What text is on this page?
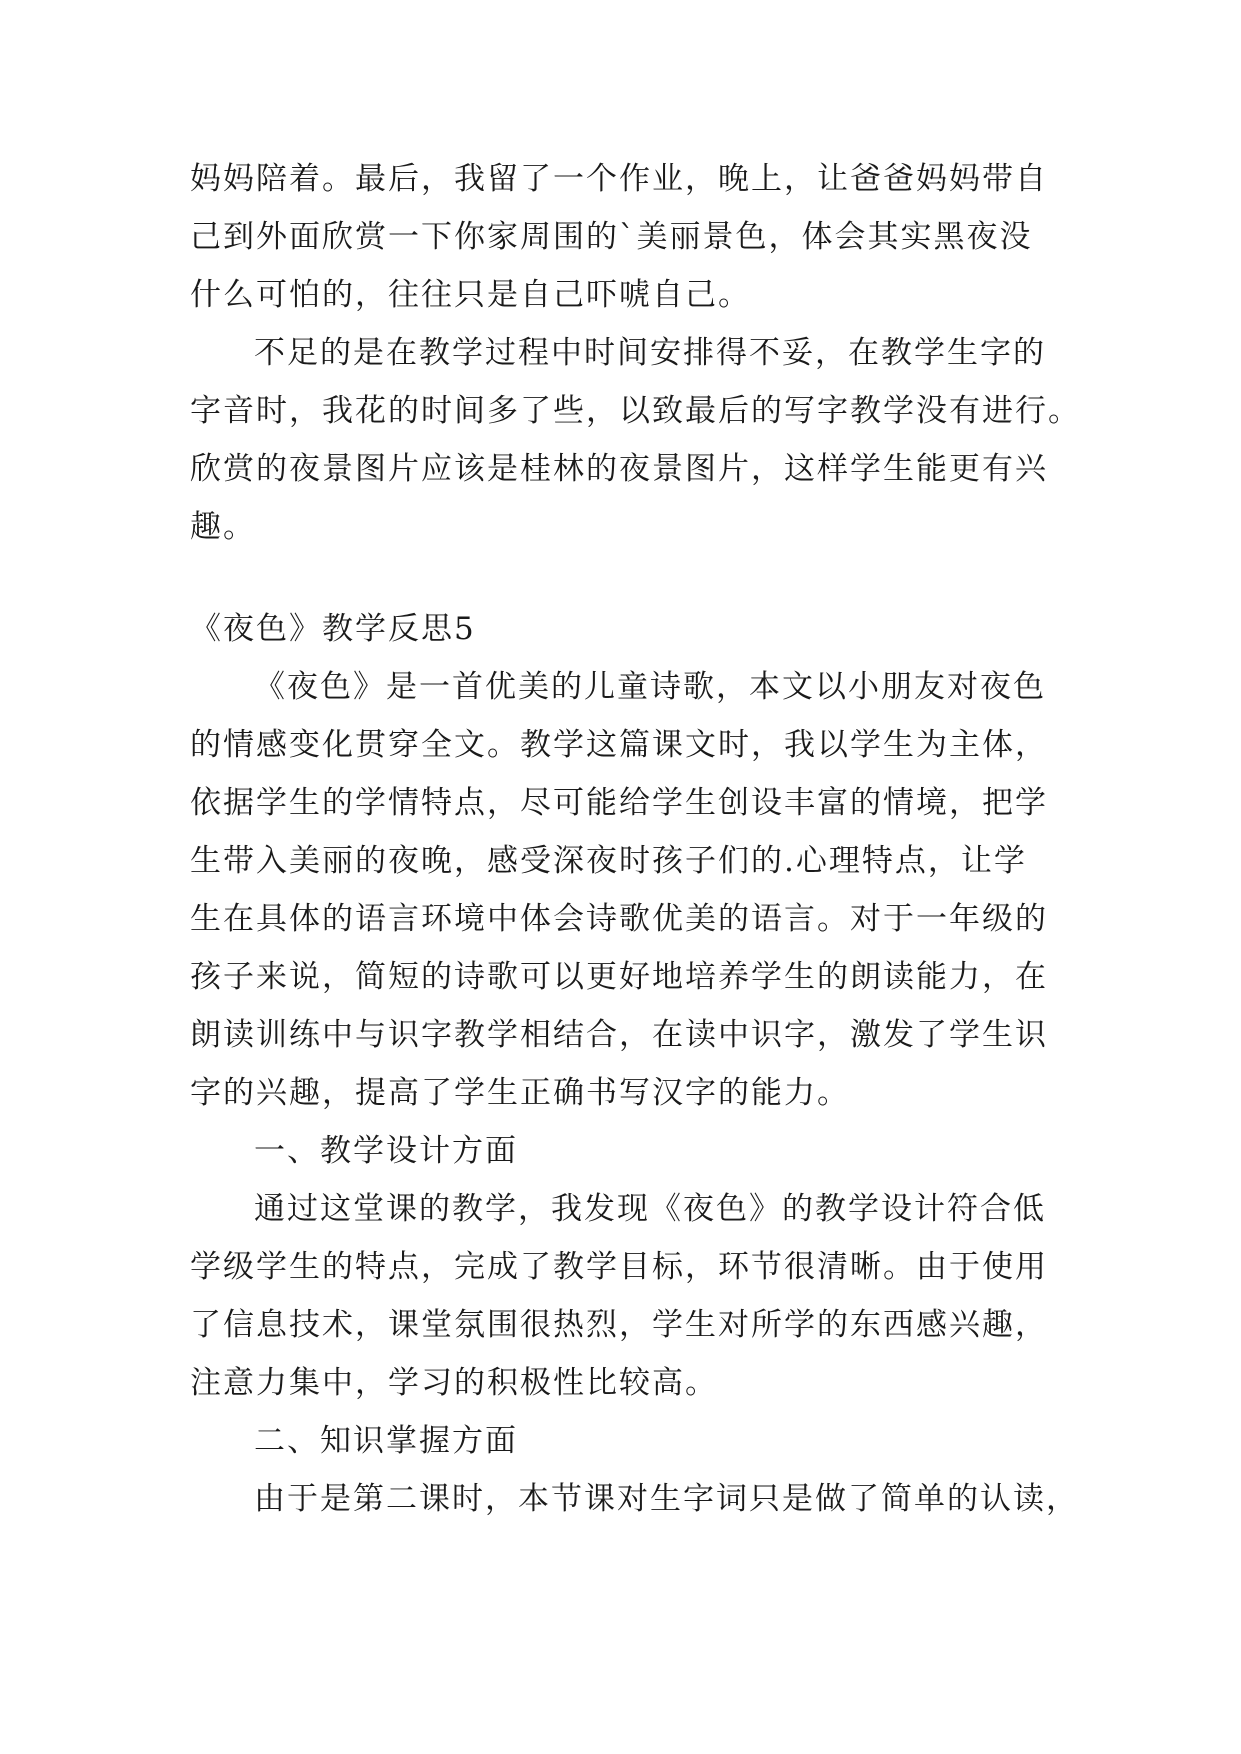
妈妈陪着。最后，我留了一个作业，晚上，让爸爸妈妈带自
己到外面欣赏一下你家周围的`美丽景色，体会其实黑夜没
什么可怕的，往往只是自己吓唬自己。
不足的是在教学过程中时间安排得不妥，在教学生字的
字音时，我花的时间多了些，以致最后的写字教学没有进行。
欣赏的夜景图片应该是桂林的夜景图片，这样学生能更有兴
趣。
《夜色》教学反思5
《夜色》是一首优美的儿童诗歌，本文以小朋友对夜色
的情感变化贯穿全文。教学这篇课文时，我以学生为主体，
依据学生的学情特点，尽可能给学生创设丰富的情境，把学
生带入美丽的夜晚，感受深夜时孩子们的.心理特点，让学
生在具体的语言环境中体会诗歌优美的语言。对于一年级的
孩子来说，简短的诗歌可以更好地培养学生的朗读能力，在
朗读训练中与识字教学相结合，在读中识字，激发了学生识
字的兴趣，提高了学生正确书写汉字的能力。
一、教学设计方面
通过这堂课的教学，我发现《夜色》的教学设计符合低
学级学生的特点，完成了教学目标，环节很清晰。由于使用
了信息技术，课堂氛围很热烈，学生对所学的东西感兴趣，
注意力集中，学习的积极性比较高。
二、知识掌握方面
由于是第二课时，本节课对生字词只是做了简单的认读，
